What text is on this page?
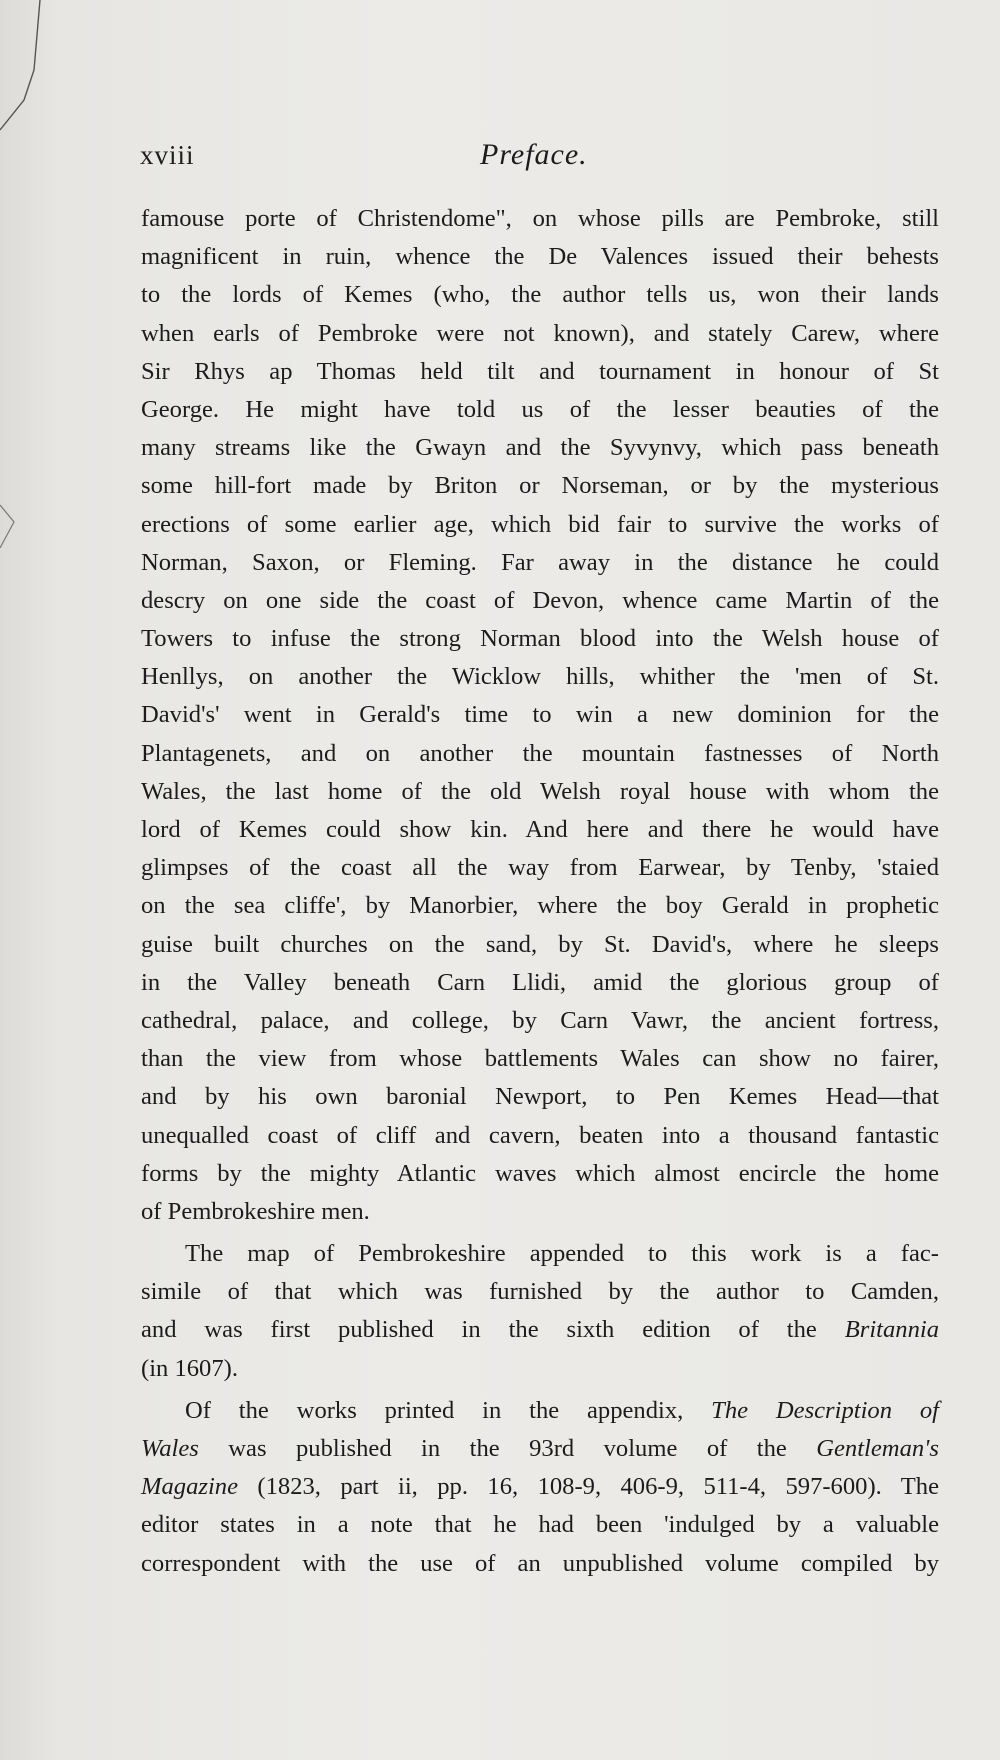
xviii	Preface.
famouse porte of Christendome", on whose pills are Pembroke, still
magnificent in ruin, whence the De Valences issued their behests
to the lords of Kemes (who, the author tells us, won their lands
when earls of Pembroke were not known), and stately Carew, where
Sir Rhys ap Thomas held tilt and tournament in honour of St
George. He might have told us of the lesser beauties of the
many streams like the Gwayn and the Syvynvy, which pass beneath
some hill-fort made by Briton or Norseman, or by the mysterious
erections of some earlier age, which bid fair to survive the works of
Norman, Saxon, or Fleming. Far away in the distance he could
descry on one side the coast of Devon, whence came Martin of the
Towers to infuse the strong Norman blood into the Welsh house of
Henllys, on another the Wicklow hills, whither the 'men of St.
David's' went in Gerald's time to win a new dominion for the
Plantagenets, and on another the mountain fastnesses of North
Wales, the last home of the old Welsh royal house with whom the
lord of Kemes could show kin. And here and there he would have
glimpses of the coast all the way from Earwear, by Tenby, 'staied
on the sea cliffe', by Manorbier, where the boy Gerald in prophetic
guise built churches on the sand, by St. David's, where he sleeps
in the Valley beneath Carn Llidi, amid the glorious group of
cathedral, palace, and college, by Carn Vawr, the ancient fortress,
than the view from whose battlements Wales can show no fairer,
and by his own baronial Newport, to Pen Kemes Head—that
unequalled coast of cliff and cavern, beaten into a thousand fantastic
forms by the mighty Atlantic waves which almost encircle the home
of Pembrokeshire men.
The map of Pembrokeshire appended to this work is a fac-
simile of that which was furnished by the author to Camden,
and was first published in the sixth edition of the Britannia
(in 1607).
Of the works printed in the appendix, The Description of
Wales was published in the 93rd volume of the Gentleman's
Magazine (1823, part ii, pp. 16, 108-9, 406-9, 511-4, 597-600). The
editor states in a note that he had been 'indulged by a valuable
correspondent with the use of an unpublished volume compiled by
